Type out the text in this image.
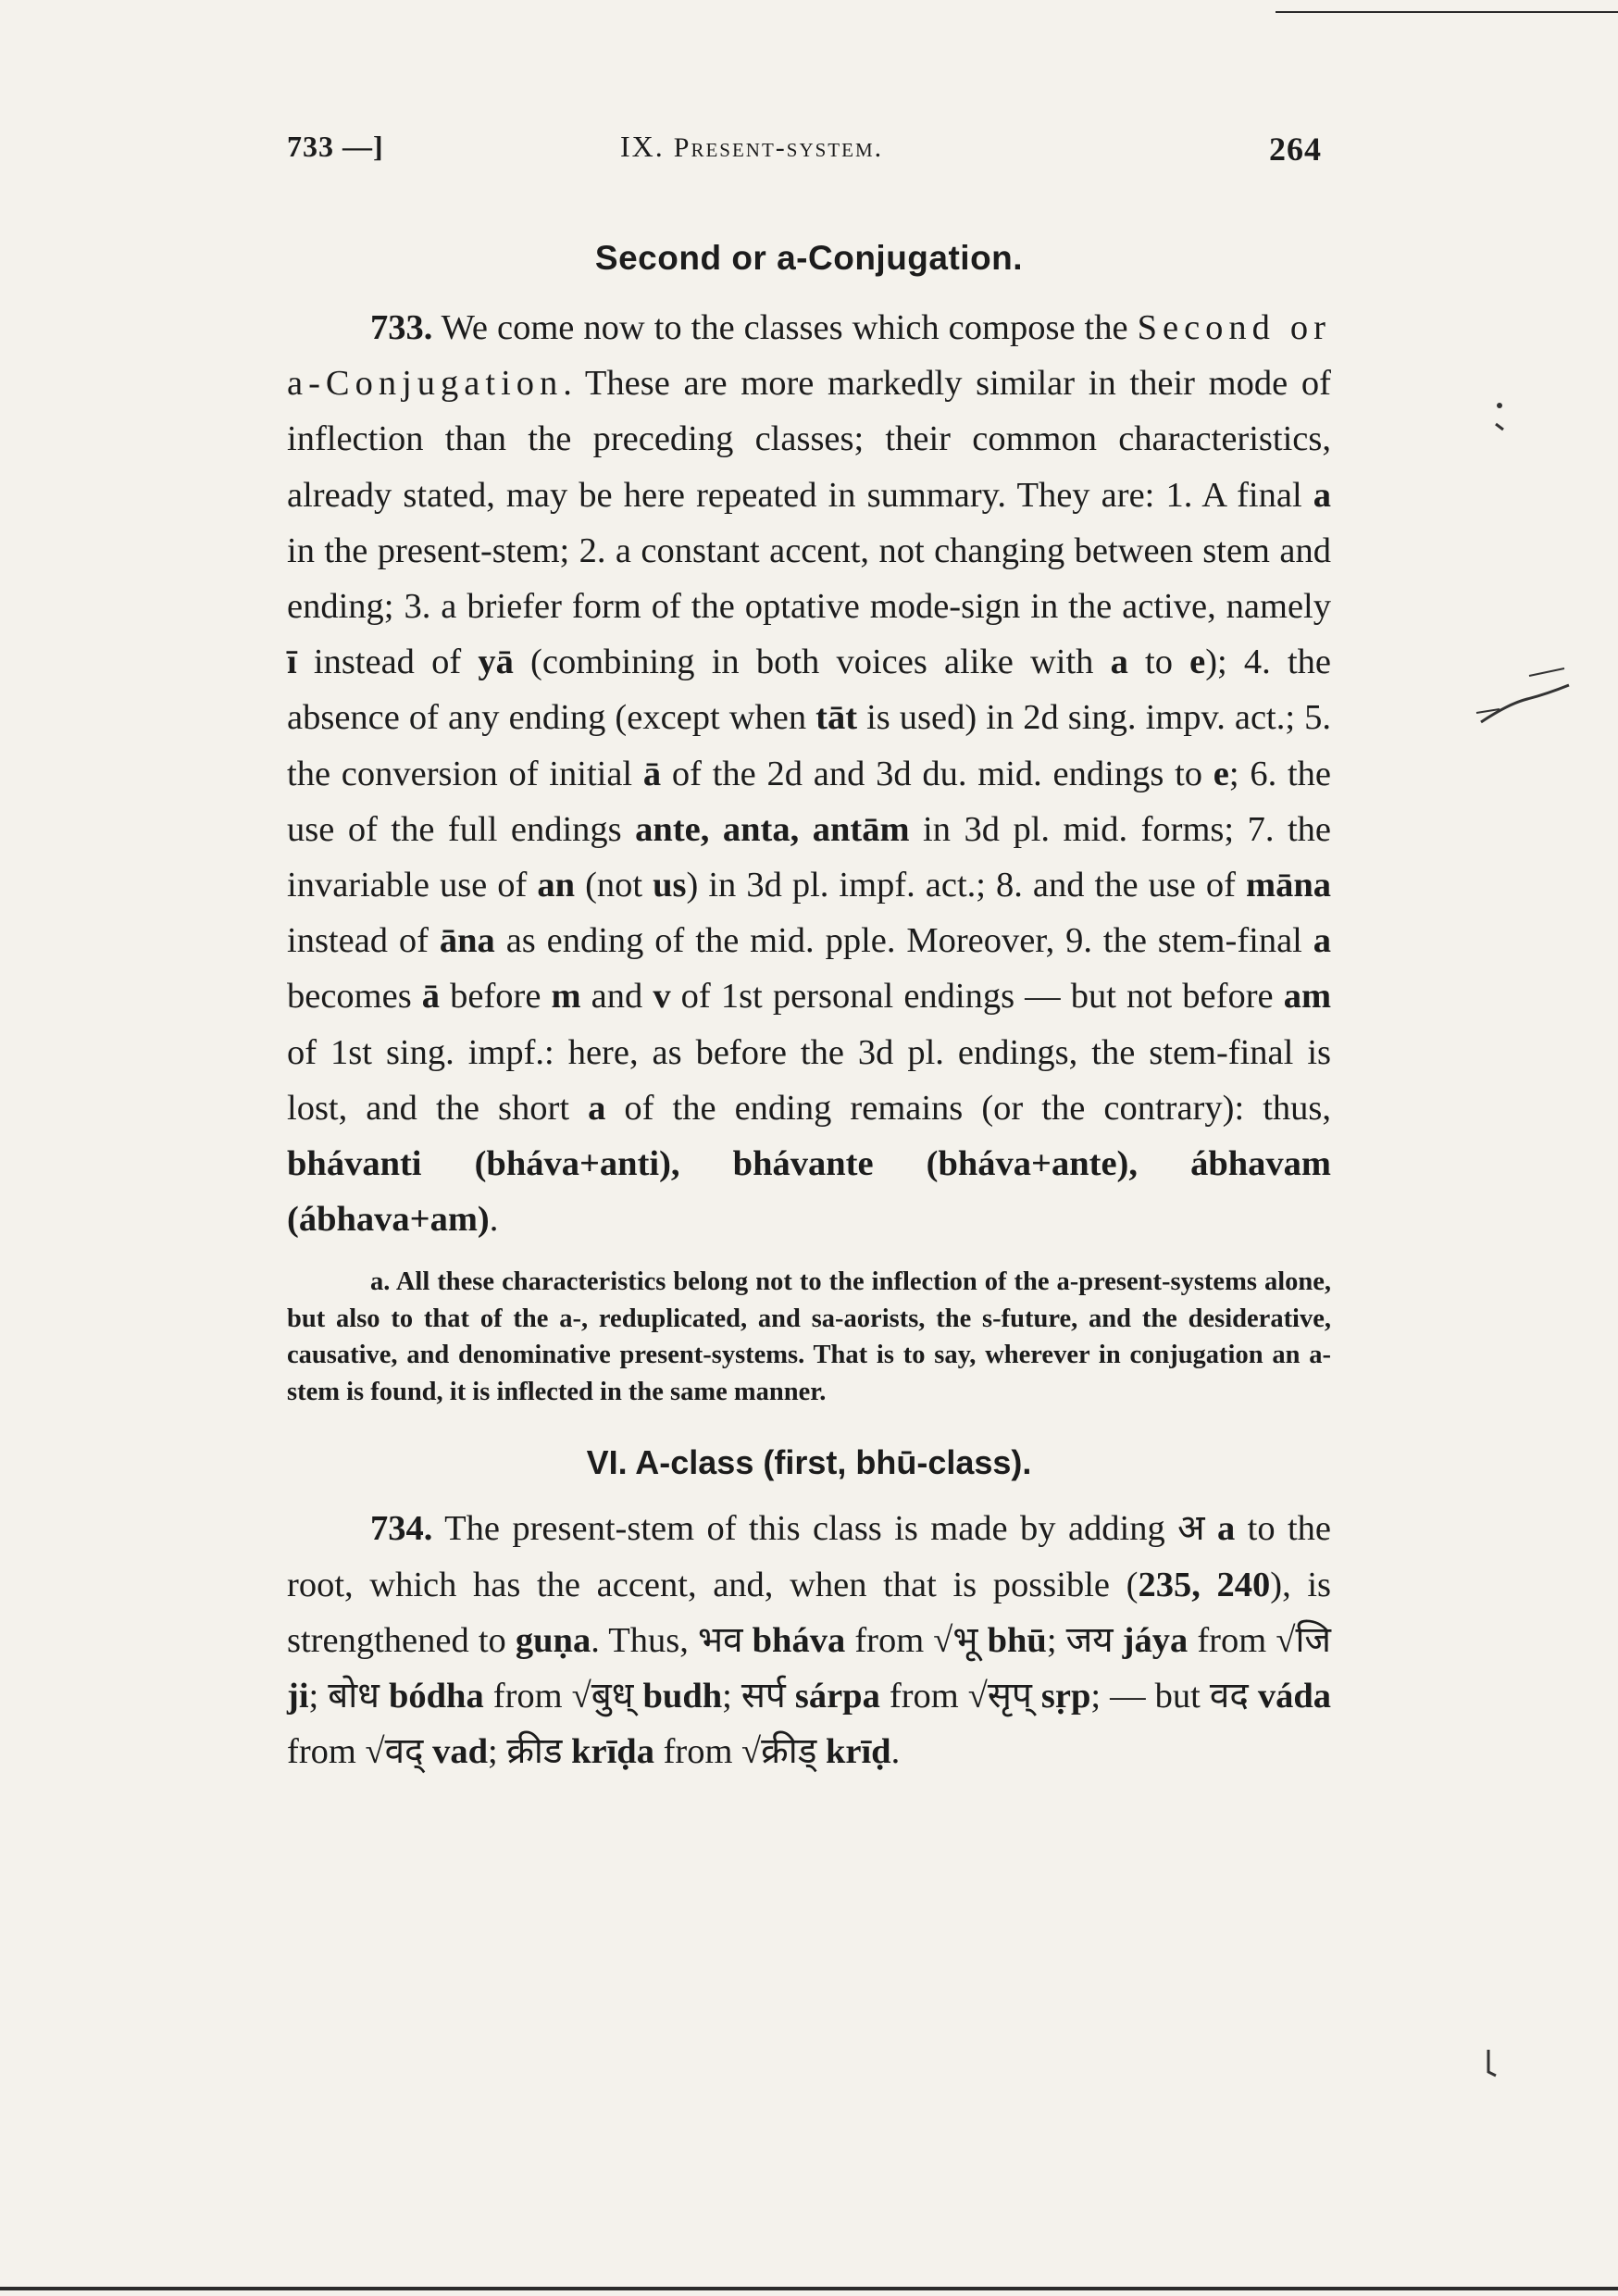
733 —]	IX. Present-system.	264
Second or a-Conjugation.

733. We come now to the classes which compose the Second or a-Conjugation. These are more markedly similar in their mode of inflection than the preceding classes; their common characteristics, already stated, may be here repeated in summary. They are: 1. A final a in the present-stem; 2. a constant accent, not changing between stem and ending; 3. a briefer form of the optative mode-sign in the active, namely ī instead of yā (combining in both voices alike with a to e); 4. the absence of any ending (except when tāt is used) in 2d sing. impv. act.; 5. the conversion of initial ā of the 2d and 3d du. mid. endings to e; 6. the use of the full endings ante, anta, antām in 3d pl. mid. forms; 7. the invariable use of an (not us) in 3d pl. impf. act.; 8. and the use of māna instead of āna as ending of the mid. pple. Moreover, 9. the stem-final a becomes ā before m and v of 1st personal endings — but not before am of 1st sing. impf.: here, as before the 3d pl. endings, the stem-final is lost, and the short a of the ending remains (or the contrary): thus, bhávanti (bháva+anti), bhávante (bháva+ante), ábhavam (ábhava+am).

a. All these characteristics belong not to the inflection of the a-present-systems alone, but also to that of the a-, reduplicated, and sa-aorists, the s-future, and the desiderative, causative, and denominative present-systems. That is to say, wherever in conjugation an a-stem is found, it is inflected in the same manner.

VI. A-class (first, bhū-class).

734. The present-stem of this class is made by adding अ a to the root, which has the accent, and, when that is possible (235, 240), is strengthened to guṇa. Thus, भव bháva from √भू bhū; जय jáya from √जि ji; बोध bódha from √बुध् budh; सर्प sárpa from √सृप् sṛp; — but वद váda from √वद् vad; क्रीड krīḍa from √क्रीड् krīḍ.
